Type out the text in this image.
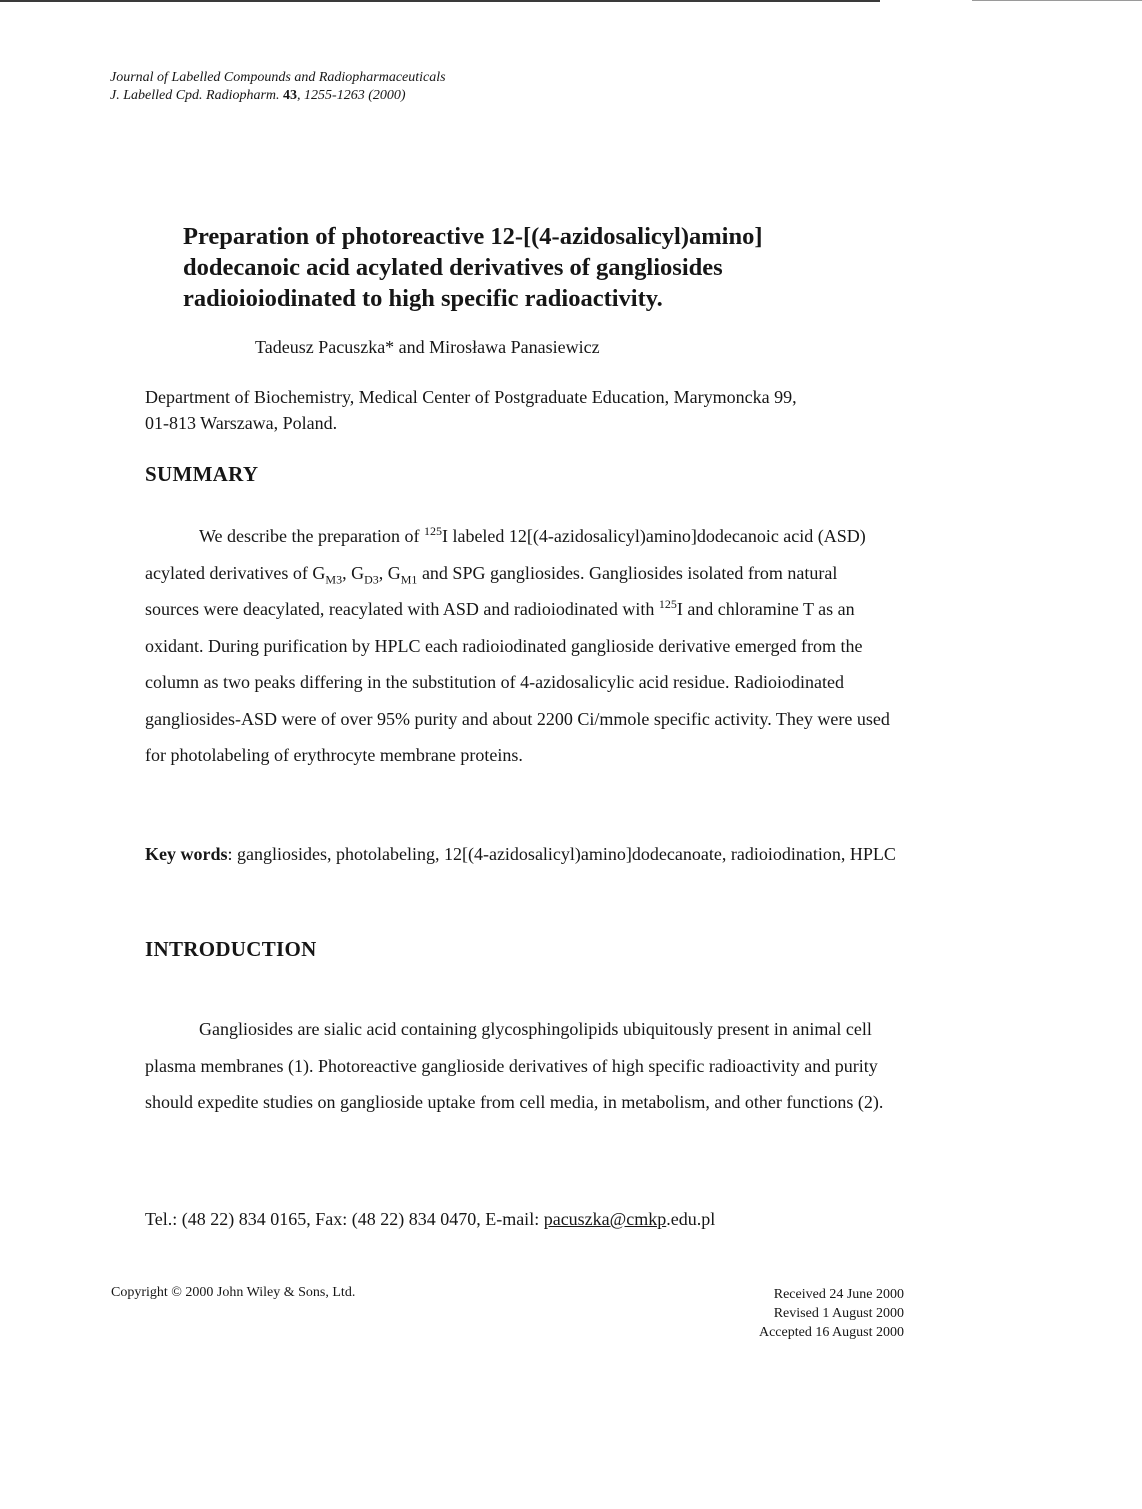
Journal of Labelled Compounds and Radiopharmaceuticals
J. Labelled Cpd. Radiopharm. 43, 1255-1263 (2000)
Preparation of photoreactive 12-[(4-azidosalicyl)amino]
dodecanoic acid acylated derivatives of gangliosides
radioioiodinated to high specific radioactivity.
Tadeusz Pacuszka* and Mirosława Panasiewicz
Department of Biochemistry, Medical Center of Postgraduate Education, Marymoncka 99,
01-813 Warszawa, Poland.
SUMMARY

We describe the preparation of $^{125}$I labeled 12[(4-azidosalicyl)amino]dodecanoic acid (ASD) acylated derivatives of $G_{M3}$, $G_{D3}$, $G_{M1}$ and SPG gangliosides. Gangliosides isolated from natural sources were deacylated, reacylated with ASD and radioiodinated with $^{125}$I and chloramine T as an oxidant. During purification by HPLC each radioiodinated ganglioside derivative emerged from the column as two peaks differing in the substitution of 4-azidosalicylic acid residue. Radioiodinated gangliosides-ASD were of over 95% purity and about 2200 Ci/mmole specific activity. They were used for photolabeling of erythrocyte membrane proteins.

Key words: gangliosides, photolabeling, 12[(4-azidosalicyl)amino]dodecanoate, radioiodination, HPLC

INTRODUCTION

Gangliosides are sialic acid containing glycosphingolipids ubiquitously present in animal cell plasma membranes (1). Photoreactive ganglioside derivatives of high specific radioactivity and purity should expedite studies on ganglioside uptake from cell media, in metabolism, and other functions (2).

Tel.: (48 22) 834 0165, Fax: (48 22) 834 0470, E-mail: pacuszka@cmkp.edu.pl
Copyright © 2000 John Wiley & Sons, Ltd.	Received 24 June 2000
Revised 1 August 2000
Accepted 16 August 2000
